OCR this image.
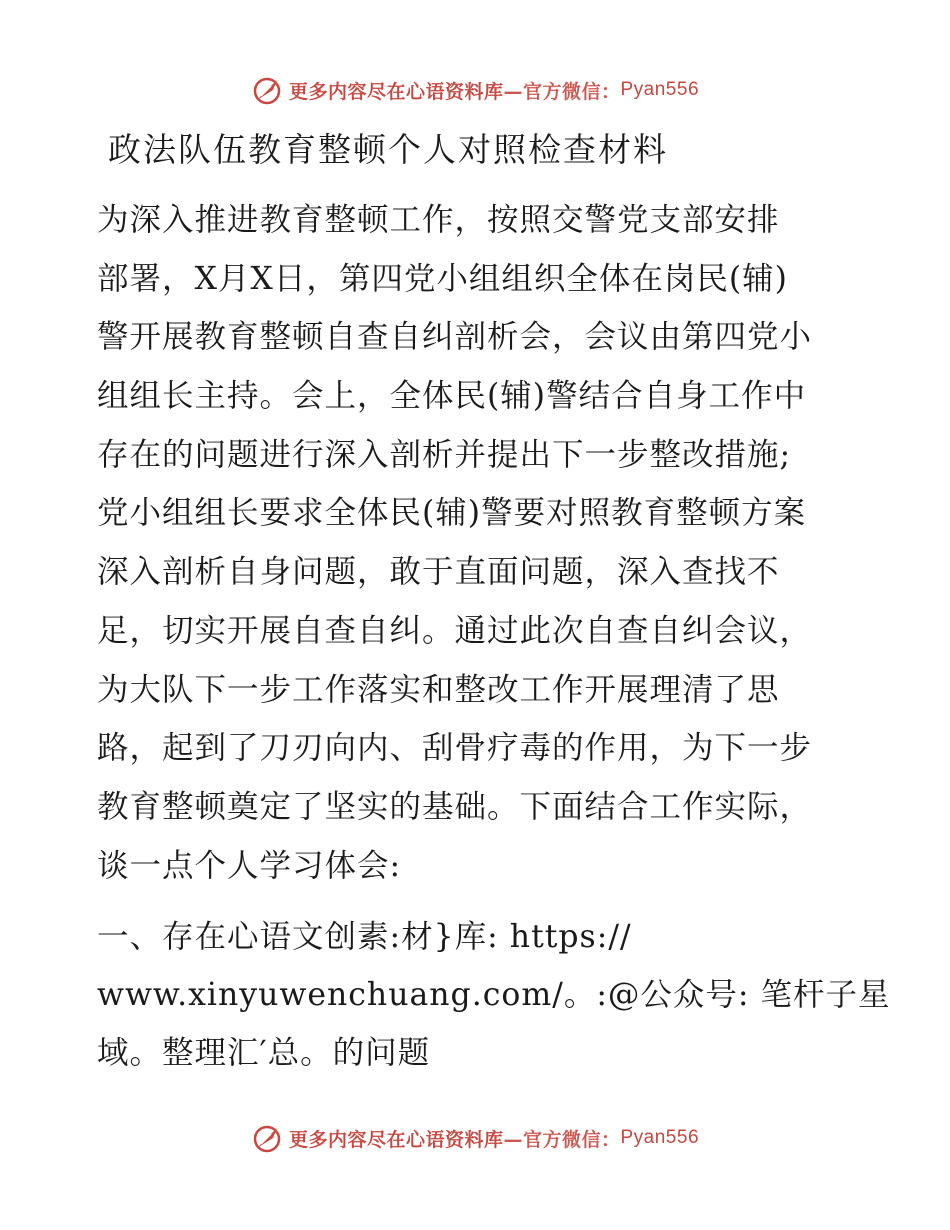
更多内容尽在心语资料库 —官方微信： Pyan556
政法队伍教育整顿个人对照检查材料
为深入推进教育整顿工作，按照交警党支部安排
部署，X月X日，第四党小组组织全体在岗民(辅)
警开展教育整顿自查自纠剖析会，会议由第四党小
组组长主持。会上，全体民(辅)警结合自身工作中
存在的问题进行深入剖析并提出下一步整改措施;
党小组组长要求全体民(辅)警要对照教育整顿方案
深入剖析自身问题，敢于直面问题，深入查找不
足，切实开展自查自纠。通过此次自查自纠会议，
为大队下一步工作落实和整改工作开展理清了思
路，起到了刀刃向内、刮骨疗毒的作用，为下一步
教育整顿奠定了坚实的基础。下面结合工作实际，
谈一点个人学习体会:
一、存在心语文创素:材}库: https://
www.xinyuwenchuang.com/。:@公众号: 笔杆子星
域。整理汇′总。的问题
更多内容尽在心语资料库 —官方微信： Pyan556
